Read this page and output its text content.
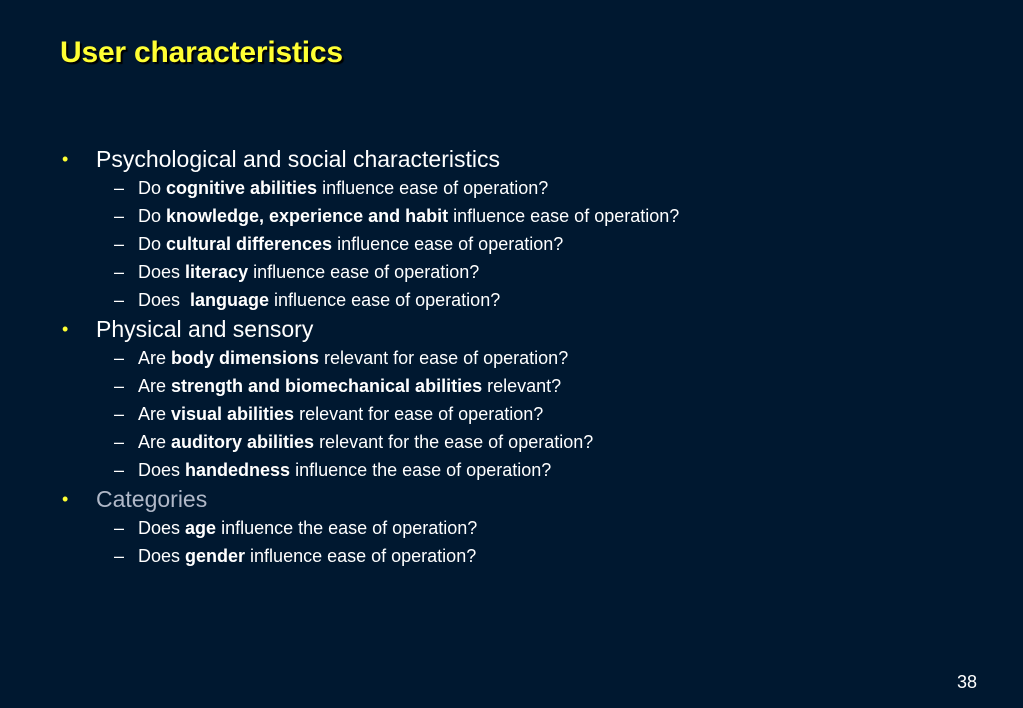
User characteristics
•	Psychological and social characteristics
– Do cognitive abilities influence ease of operation?
– Do knowledge, experience and habit influence ease of operation?
– Do cultural differences influence ease of operation?
– Does literacy influence ease of operation?
– Does  language influence ease of operation?
•	Physical and sensory
– Are body dimensions relevant for ease of operation?
– Are strength and biomechanical abilities relevant?
– Are visual abilities relevant for ease of operation?
– Are auditory abilities relevant for the ease of operation?
– Does handedness influence the ease of operation?
•	Categories
– Does age influence the ease of operation?
– Does gender influence ease of operation?
38
